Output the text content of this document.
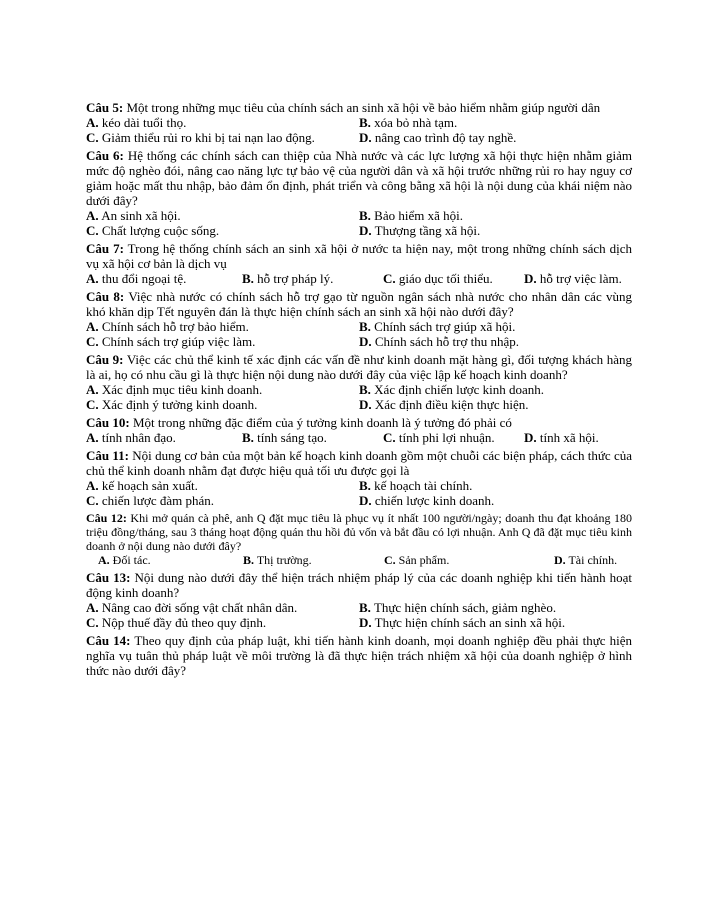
Câu 5: Một trong những mục tiêu của chính sách an sinh xã hội về bảo hiểm nhằm giúp người dân
A. kéo dài tuổi thọ.	B. xóa bỏ nhà tạm.
C. Giảm thiểu rủi ro khi bị tai nạn lao động.	D. nâng cao trình độ tay nghề.
Câu 6: Hệ thống các chính sách can thiệp của Nhà nước và các lực lượng xã hội thực hiện nhằm giảm mức độ nghèo đói, nâng cao năng lực tự bảo vệ của người dân và xã hội trước những rủi ro hay nguy cơ giảm hoặc mất thu nhập, bảo đảm ổn định, phát triển và công bằng xã hội là nội dung của khái niệm nào dưới đây?
A. An sinh xã hội.	B. Bảo hiểm xã hội.
C. Chất lượng cuộc sống.	D. Thượng tầng xã hội.
Câu 7: Trong hệ thống chính sách an sinh xã hội ở nước ta hiện nay, một trong những chính sách dịch vụ xã hội cơ bản là dịch vụ
A. thu đổi ngoại tệ.	B. hỗ trợ pháp lý.	C. giáo dục tối thiểu.	D. hỗ trợ việc làm.
Câu 8: Việc nhà nước có chính sách hỗ trợ gạo từ nguồn ngân sách nhà nước cho nhân dân các vùng khó khăn dịp Tết nguyên đán là thực hiện chính sách an sinh xã hội nào dưới đây?
A. Chính sách hỗ trợ bảo hiểm.	B. Chính sách trợ giúp xã hội.
C. Chính sách trợ giúp việc làm.	D. Chính sách hỗ trợ thu nhập.
Câu 9: Việc các chủ thể kinh tế xác định các vấn đề như kinh doanh mặt hàng gì, đối tượng khách hàng là ai, họ có nhu cầu gì là thực hiện nội dung nào dưới đây của việc lập kế hoạch kinh doanh?
A. Xác định mục tiêu kinh doanh.	B. Xác định chiến lược kinh doanh.
C. Xác định ý tưởng kinh doanh.	D. Xác định điều kiện thực hiện.
Câu 10: Một trong những đặc điểm của ý tưởng kinh doanh là ý tưởng đó phải có
A. tính nhân đạo.	B. tính sáng tạo.	C. tính phi lợi nhuận.	D. tính xã hội.
Câu 11: Nội dung cơ bản của một bản kế hoạch kinh doanh gồm một chuỗi các biện pháp, cách thức của chủ thể kinh doanh nhằm đạt được hiệu quả tối ưu được gọi là
A. kế hoạch sản xuất.	B. kế hoạch tài chính.
C. chiến lược đàm phán.	D. chiến lược kinh doanh.
Câu 12: Khi mở quán cà phê, anh Q đặt mục tiêu là phục vụ ít nhất 100 người/ngày; doanh thu đạt khoảng 180 triệu đồng/tháng, sau 3 tháng hoạt động quán thu hồi đủ vốn và bắt đầu có lợi nhuận. Anh Q đã đặt mục tiêu kinh doanh ở nội dung nào dưới đây?
A. Đối tác.	B. Thị trường.	C. Sản phẩm.	D. Tài chính.
Câu 13: Nội dung nào dưới đây thể hiện trách nhiệm pháp lý của các doanh nghiệp khi tiến hành hoạt động kinh doanh?
A. Nâng cao đời sống vật chất nhân dân.	B. Thực hiện chính sách, giảm nghèo.
C. Nộp thuế đầy đủ theo quy định.	D. Thực hiện chính sách an sinh xã hội.
Câu 14: Theo quy định của pháp luật, khi tiến hành kinh doanh, mọi doanh nghiệp đều phải thực hiện nghĩa vụ tuân thủ pháp luật về môi trường là đã thực hiện trách nhiệm xã hội của doanh nghiệp ở hình thức nào dưới đây?
